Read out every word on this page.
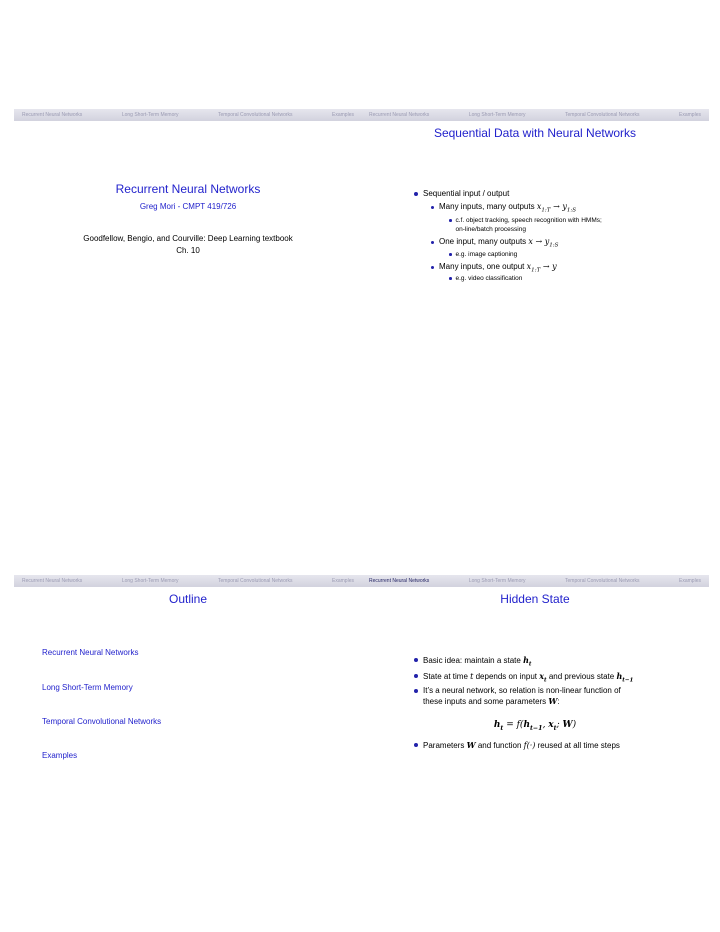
Recurrent Neural Networks	Long Short-Term Memory	Temporal Convolutional Networks	Examples
Recurrent Neural Networks
Greg Mori - CMPT 419/726
Goodfellow, Bengio, and Courville: Deep Learning textbook
Ch. 10
Recurrent Neural Networks	Long Short-Term Memory	Temporal Convolutional Networks	Examples
Sequential Data with Neural Networks
Sequential input / output
Many inputs, many outputs $x_{1:T} \to y_{1:S}$
c.f. object tracking, speech recognition with HMMs;
on-line/batch processing
One input, many outputs $x \to y_{1:S}$
e.g. image captioning
Many inputs, one output $x_{1:T} \to y$
e.g. video classification
Recurrent Neural Networks	Long Short-Term Memory	Temporal Convolutional Networks	Examples
Outline
Recurrent Neural Networks
Long Short-Term Memory
Temporal Convolutional Networks
Examples
Recurrent Neural Networks	Long Short-Term Memory	Temporal Convolutional Networks	Examples
Hidden State
Basic idea: maintain a state $h_t$
State at time t depends on input $x_t$ and previous state $h_{t-1}$
It’s a neural network, so relation is non-linear function of
these inputs and some parameters W:
$h_t = f(h_{t-1}$, $x_t$; W)
Parameters W and function f(·) reused at all time steps
